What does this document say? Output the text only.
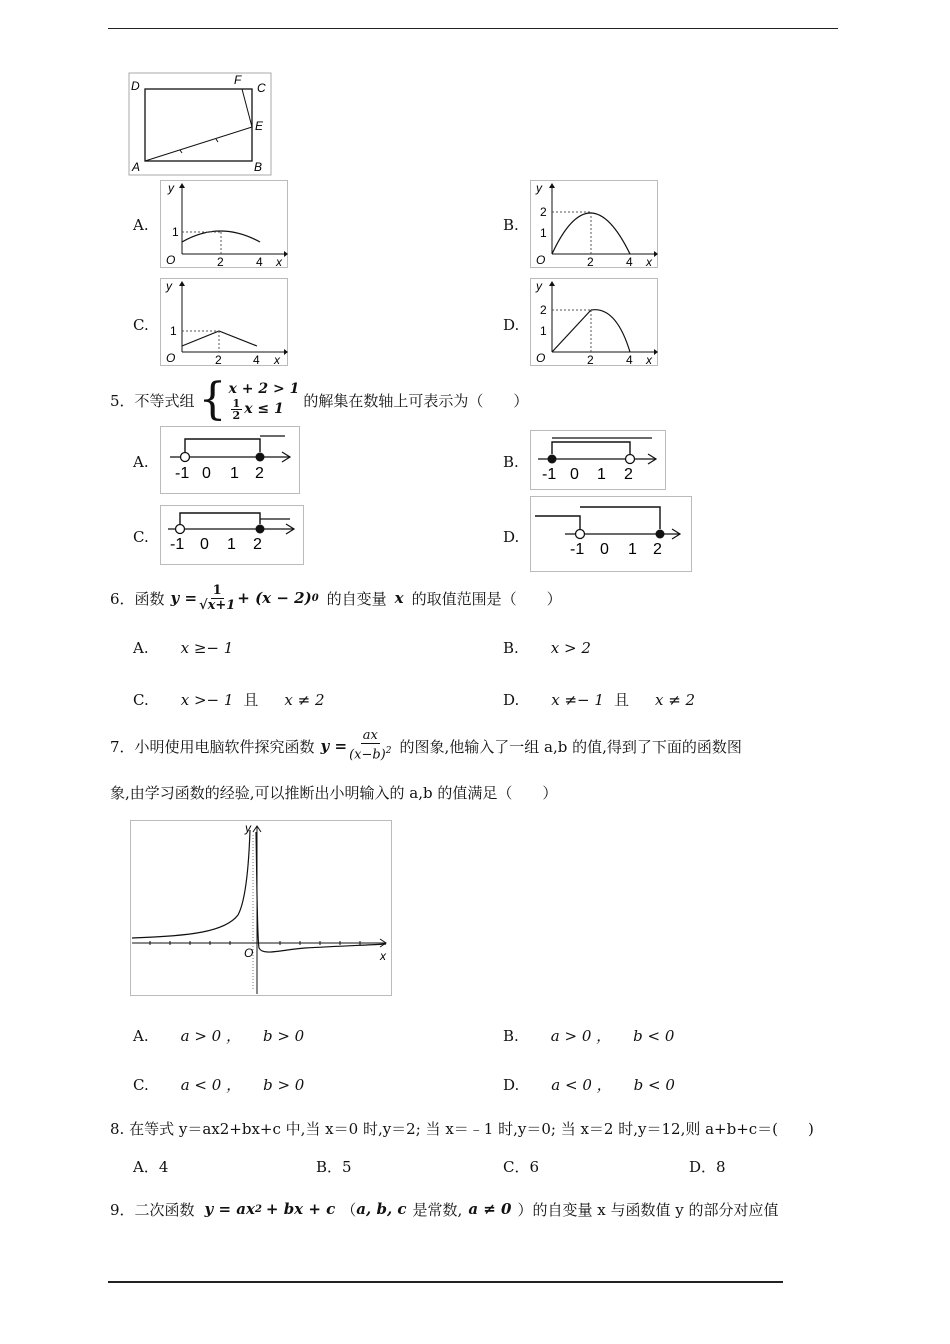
D	F
C
E
A	B
A.
y
1
O	2	4 x
B.
y
2
1
O	2	4 x
C.
y
1
O	2	4 x
D.
y
2
1
O	2	4 x
5．不等式组 { x + 2 > 1
$\frac{1}{2}$ x ≤ 1 的解集在数轴上可表示为（　　）
A.
-1 0 1 2
B.
-1 0 1 2
C. -1 0 1 2	D.
-1 0 1 2
6．函数 $y = \frac{1}{√x+1} + (x - 2)$ 0 的自变量 x 的取值范围是（　　）
A. x ≥− 1	B. x > 2
C. x >− 1 且 x ≠ 2	D. x ≠− 1 且 x ≠ 2
7．小明使用电脑软件探究函数 $y = \frac{ax}{(x-b)^2}$ 的图象,他输入了一组 a,b 的值,得到了下面的函数图
象,由学习函数的经验,可以推断出小明输入的 a,b 的值满足（　　）
y
O	x
A. a > 0 ， b > 0	B. a > 0 ， b < 0
C. a < 0 ， b > 0	D. a < 0 ， b < 0
8. 在等式 y＝ax2+bx+c 中,当 x＝0 时,y＝2; 当 x＝﹣1 时,y＝0; 当 x＝2 时,y＝12,则 a+b+c＝(　　)
A．4	B．5	C．6	D．8
9．二次函数 y = ax 2 + bx + c （ a, b, c 是常数, a ≠ 0 ）的自变量 x 与函数值 y 的部分对应值
